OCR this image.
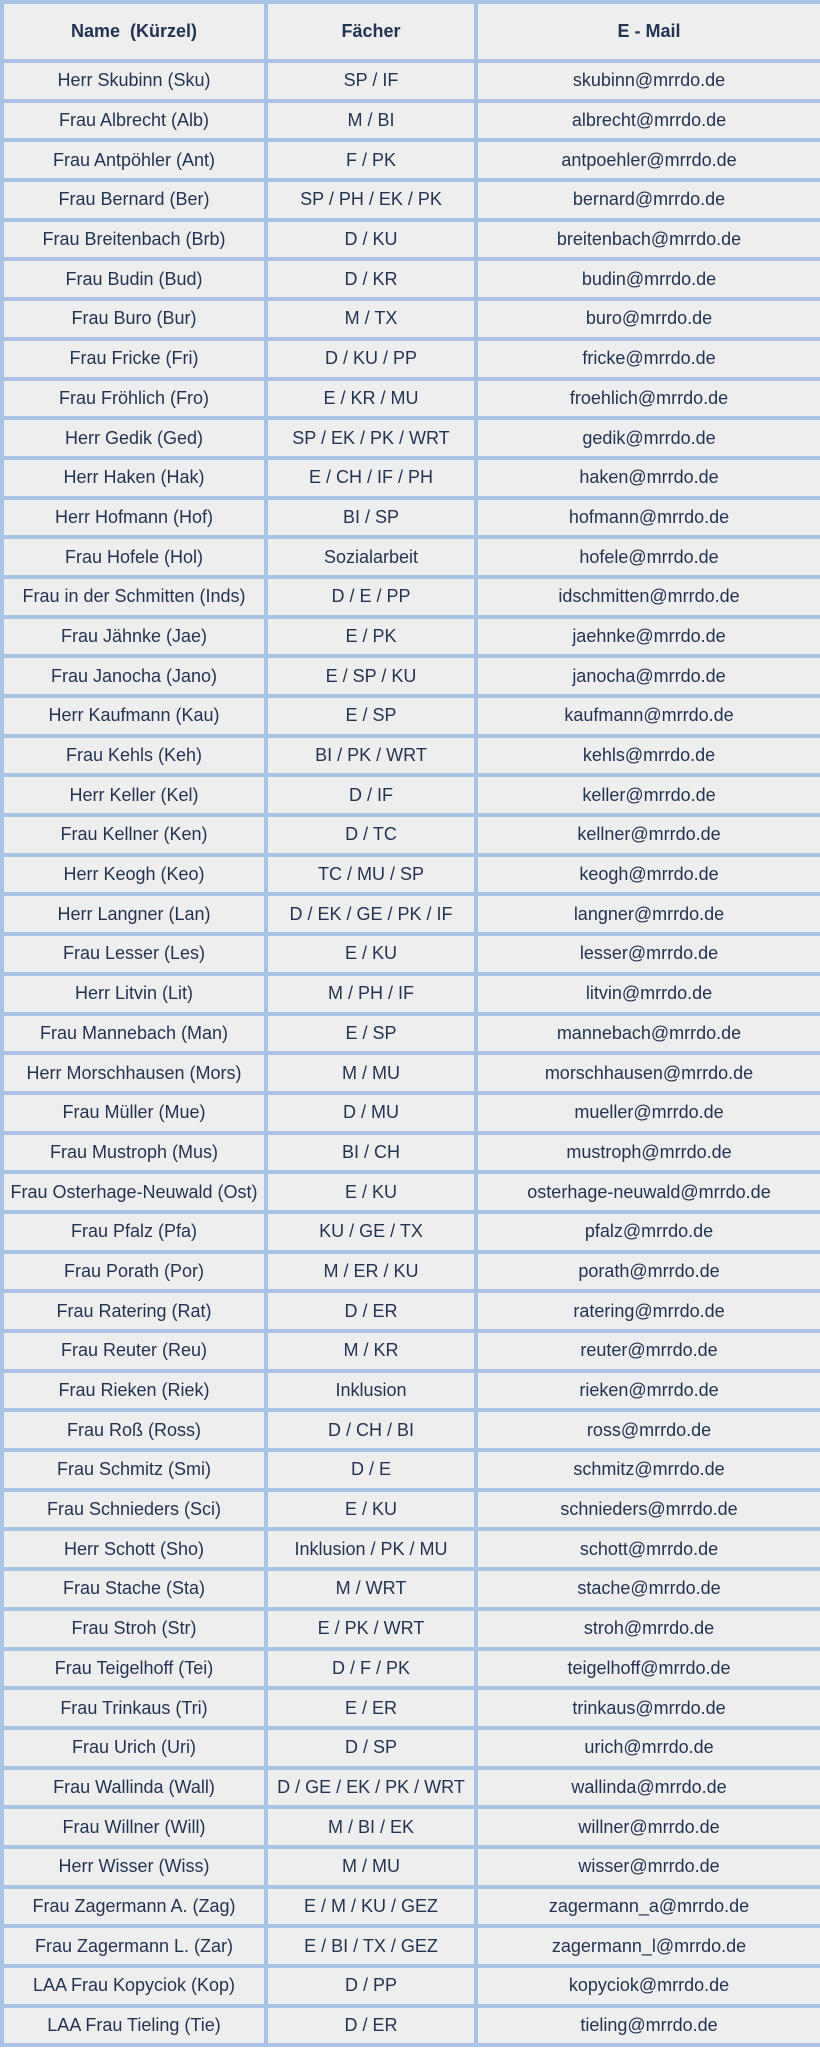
Name  (Kürzel)	Fächer	E - Mail
Herr Skubinn (Sku)	SP / IF	skubinn@mrrdo.de
Frau Albrecht (Alb)	M / BI	albrecht@mrrdo.de
Frau Antpöhler (Ant)	F / PK	antpoehler@mrrdo.de
Frau Bernard (Ber)	SP / PH / EK / PK	bernard@mrrdo.de
Frau Breitenbach (Brb)	D / KU	breitenbach@mrrdo.de
Frau Budin (Bud)	D / KR	budin@mrrdo.de
Frau Buro (Bur)	M / TX	buro@mrrdo.de
Frau Fricke (Fri)	D / KU / PP	fricke@mrrdo.de
Frau Fröhlich (Fro)	E / KR / MU	froehlich@mrrdo.de
Herr Gedik (Ged)	SP / EK / PK / WRT	gedik@mrrdo.de
Herr Haken (Hak)	E / CH / IF / PH	haken@mrrdo.de
Herr Hofmann (Hof)	BI / SP	hofmann@mrrdo.de
Frau Hofele (Hol)	Sozialarbeit	hofele@mrrdo.de
Frau in der Schmitten (Inds)	D / E / PP	idschmitten@mrrdo.de
Frau Jähnke (Jae)	E / PK	jaehnke@mrrdo.de
Frau Janocha (Jano)	E / SP / KU	janocha@mrrdo.de
Herr Kaufmann (Kau)	E / SP	kaufmann@mrrdo.de
Frau Kehls (Keh)	BI / PK / WRT	kehls@mrrdo.de
Herr Keller (Kel)	D / IF	keller@mrrdo.de
Frau Kellner (Ken)	D / TC	kellner@mrrdo.de
Herr Keogh (Keo)	TC / MU / SP	keogh@mrrdo.de
Herr Langner (Lan)	D / EK / GE / PK / IF	langner@mrrdo.de
Frau Lesser (Les)	E / KU	lesser@mrrdo.de
Herr Litvin (Lit)	M / PH / IF	litvin@mrrdo.de
Frau Mannebach (Man)	E / SP	mannebach@mrrdo.de
Herr Morschhausen (Mors)	M / MU	morschhausen@mrrdo.de
Frau Müller (Mue)	D / MU	mueller@mrrdo.de
Frau Mustroph (Mus)	BI / CH	mustroph@mrrdo.de
Frau Osterhage-Neuwald (Ost)	E / KU	osterhage-neuwald@mrrdo.de
Frau Pfalz (Pfa)	KU / GE / TX	pfalz@mrrdo.de
Frau Porath (Por)	M / ER / KU	porath@mrrdo.de
Frau Ratering (Rat)	D / ER	ratering@mrrdo.de
Frau Reuter (Reu)	M / KR	reuter@mrrdo.de
Frau Rieken (Riek)	Inklusion	rieken@mrrdo.de
Frau Roß (Ross)	D / CH / BI	ross@mrrdo.de
Frau Schmitz (Smi)	D / E	schmitz@mrrdo.de
Frau Schnieders (Sci)	E / KU	schnieders@mrrdo.de
Herr Schott (Sho)	Inklusion / PK / MU	schott@mrrdo.de
Frau Stache (Sta)	M / WRT	stache@mrrdo.de
Frau Stroh (Str)	E / PK / WRT	stroh@mrrdo.de
Frau Teigelhoff (Tei)	D / F / PK	teigelhoff@mrrdo.de
Frau Trinkaus (Tri)	E / ER	trinkaus@mrrdo.de
Frau Urich (Uri)	D / SP	urich@mrrdo.de
Frau Wallinda (Wall)	D / GE / EK / PK / WRT	wallinda@mrrdo.de
Frau Willner (Will)	M / BI / EK	willner@mrrdo.de
Herr Wisser (Wiss)	M / MU	wisser@mrrdo.de
Frau Zagermann A. (Zag)	E / M / KU / GEZ	zagermann_a@mrrdo.de
Frau Zagermann L. (Zar)	E / BI / TX / GEZ	zagermann_l@mrrdo.de
LAA Frau Kopyciok (Kop)	D / PP	kopyciok@mrrdo.de
LAA Frau Tieling (Tie)	D / ER	tieling@mrrdo.de
